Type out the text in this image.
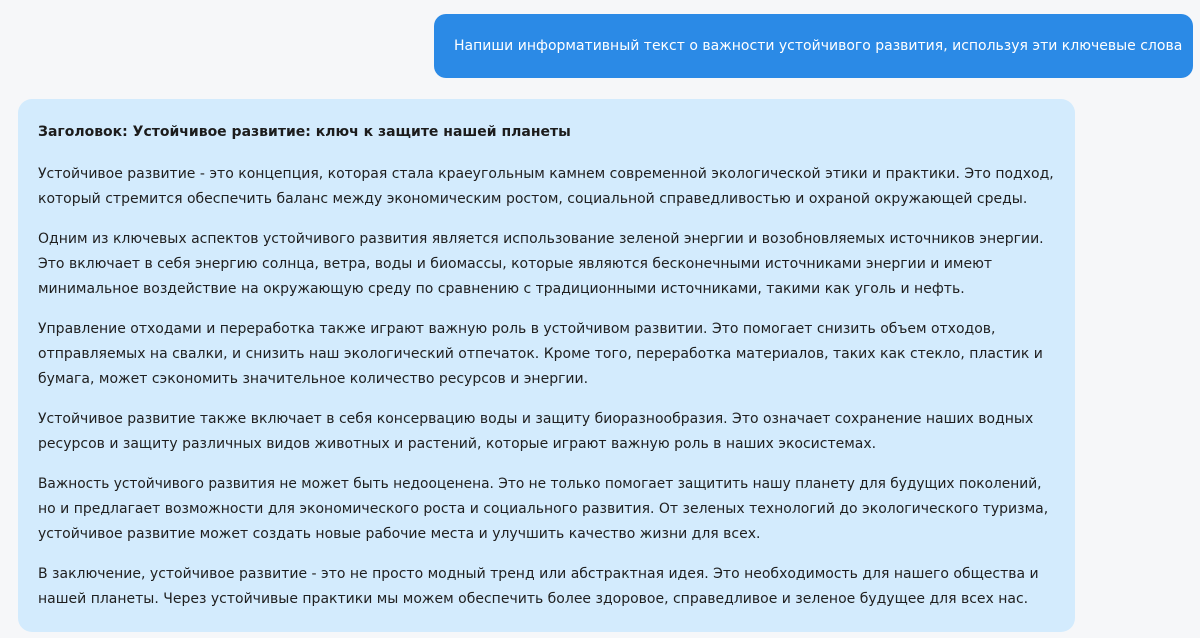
Напиши информативный текст о важности устойчивого развития, используя эти ключевые слова
Заголовок: Устойчивое развитие: ключ к защите нашей планеты

Устойчивое развитие - это концепция, которая стала краеугольным камнем современной экологической этики и практики. Это подход,
который стремится обеспечить баланс между экономическим ростом, социальной справедливостью и охраной окружающей среды.

Одним из ключевых аспектов устойчивого развития является использование зеленой энергии и возобновляемых источников энергии.
Это включает в себя энергию солнца, ветра, воды и биомассы, которые являются бесконечными источниками энергии и имеют
минимальное воздействие на окружающую среду по сравнению с традиционными источниками, такими как уголь и нефть.

Управление отходами и переработка также играют важную роль в устойчивом развитии. Это помогает снизить объем отходов,
отправляемых на свалки, и снизить наш экологический отпечаток. Кроме того, переработка материалов, таких как стекло, пластик и
бумага, может сэкономить значительное количество ресурсов и энергии.

Устойчивое развитие также включает в себя консервацию воды и защиту биоразнообразия. Это означает сохранение наших водных
ресурсов и защиту различных видов животных и растений, которые играют важную роль в наших экосистемах.

Важность устойчивого развития не может быть недооценена. Это не только помогает защитить нашу планету для будущих поколений,
но и предлагает возможности для экономического роста и социального развития. От зеленых технологий до экологического туризма,
устойчивое развитие может создать новые рабочие места и улучшить качество жизни для всех.

В заключение, устойчивое развитие - это не просто модный тренд или абстрактная идея. Это необходимость для нашего общества и
нашей планеты. Через устойчивые практики мы можем обеспечить более здоровое, справедливое и зеленое будущее для всех нас.
